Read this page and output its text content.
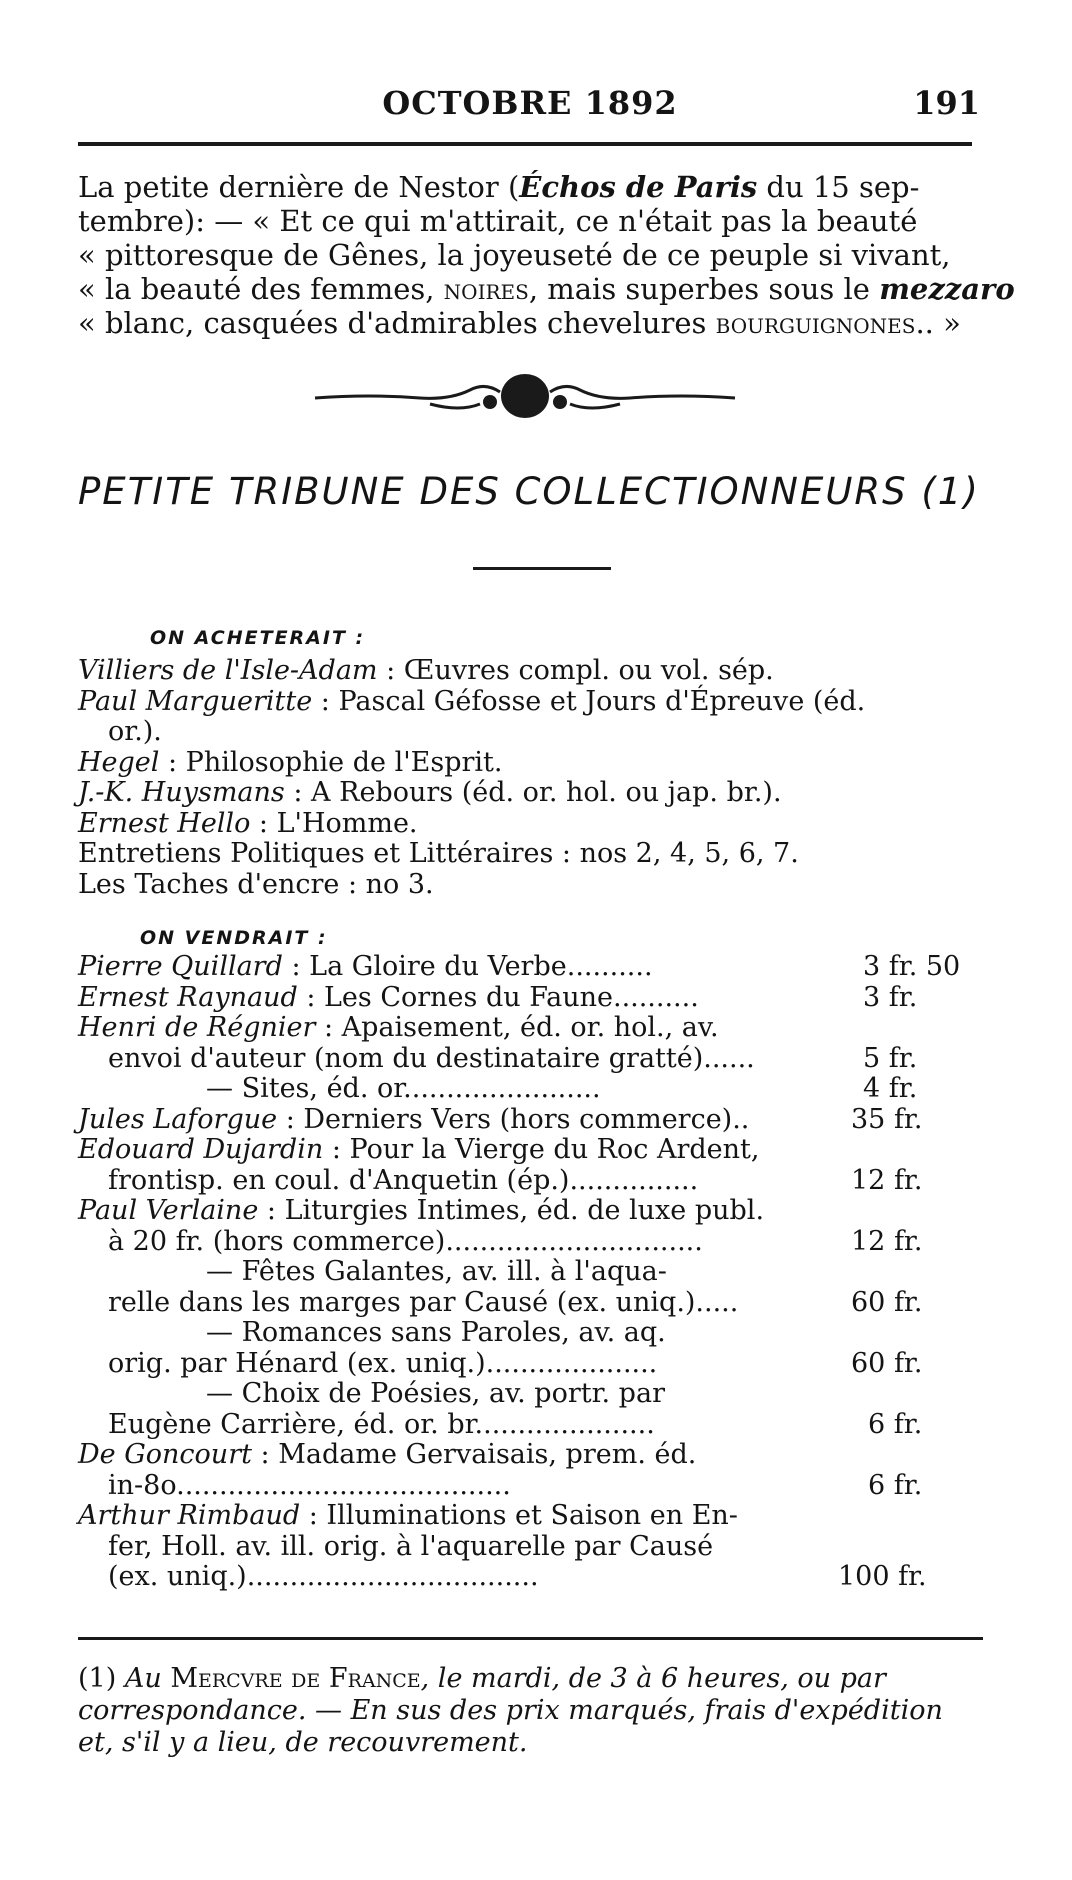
OCTOBRE 1892	191
La petite dernière de Nestor (Échos de Paris du 15 sep-
tembre): — « Et ce qui m'attirait, ce n'était pas la beauté
« pittoresque de Gênes, la joyeuseté de ce peuple si vivant,
« la beauté des femmes, noires, mais superbes sous le mezzaro
« blanc, casquées d'admirables chevelures bourguignones.. »
PETITE TRIBUNE DES COLLECTIONNEURS (1)
ON ACHETERAIT :
Villiers de l'Isle-Adam : Œuvres compl. ou vol. sép.
Paul Margueritte : Pascal Géfosse et Jours d'Épreuve (éd.
or.).
Hegel : Philosophie de l'Esprit.
J.-K. Huysmans : A Rebours (éd. or. hol. ou jap. br.).
Ernest Hello : L'Homme.
Entretiens Politiques et Littéraires : nos 2, 4, 5, 6, 7.
Les Taches d'encre : no 3.
ON VENDRAIT :
Pierre Quillard : La Gloire du Verbe..........	3 fr. 50
Ernest Raynaud : Les Cornes du Faune..........	3 fr.
Henri de Régnier : Apaisement, éd. or. hol., av.
envoi d'auteur (nom du destinataire gratté)......	5 fr.
— Sites, éd. or.......................	4 fr.
Jules Laforgue : Derniers Vers (hors commerce)..	35 fr.
Edouard Dujardin : Pour la Vierge du Roc Ardent,
frontisp. en coul. d'Anquetin (ép.)...............	12 fr.
Paul Verlaine : Liturgies Intimes, éd. de luxe publ.
à 20 fr. (hors commerce)..............................	12 fr.
— Fêtes Galantes, av. ill. à l'aqua-
relle dans les marges par Causé (ex. uniq.).....	60 fr.
— Romances sans Paroles, av. aq.
orig. par Hénard (ex. uniq.)....................	60 fr.
— Choix de Poésies, av. portr. par
Eugène Carrière, éd. or. br.....................	6 fr.
De Goncourt : Madame Gervaisais, prem. éd.
in-8o.......................................	6 fr.
Arthur Rimbaud : Illuminations et Saison en En-
fer, Holl. av. ill. orig. à l'aquarelle par Causé
(ex. uniq.)..................................	100 fr.
(1) Au Mercvre de France, le mardi, de 3 à 6 heures, ou par
correspondance. — En sus des prix marqués, frais d'expédition
et, s'il y a lieu, de recouvrement.
